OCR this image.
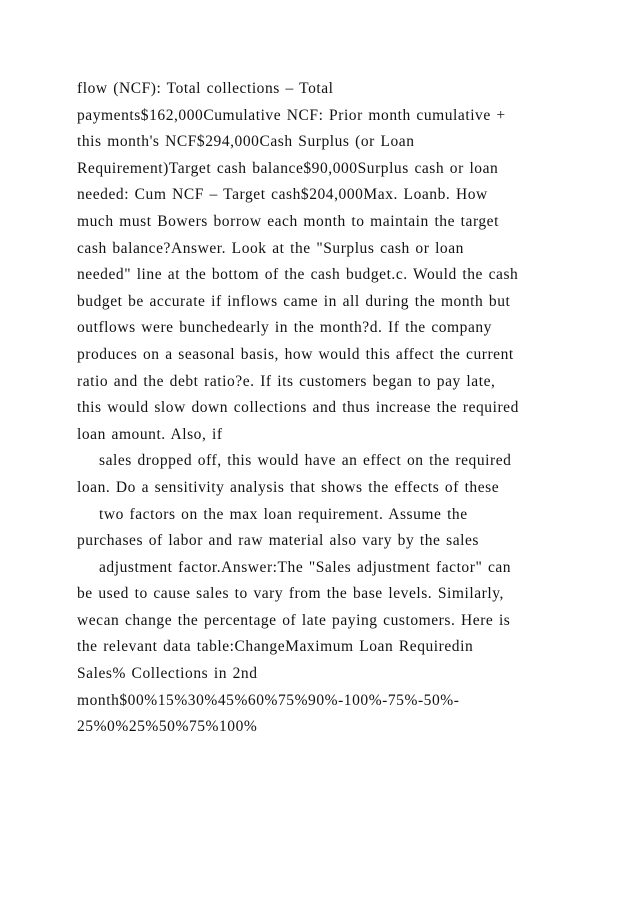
flow (NCF): Total collections – Total
payments$162,000Cumulative NCF: Prior month cumulative +
this month's NCF$294,000Cash Surplus (or Loan
Requirement)Target cash balance$90,000Surplus cash or loan
needed: Cum NCF – Target cash$204,000Max. Loanb. How
much must Bowers borrow each month to maintain the target
cash balance?Answer. Look at the "Surplus cash or loan
needed" line at the bottom of the cash budget.c. Would the cash
budget be accurate if inflows came in all during the month but
outflows were bunchedearly in the month?d. If the company
produces on a seasonal basis, how would this affect the current
ratio and the debt ratio?e. If its customers began to pay late,
this would slow down collections and thus increase the required
loan amount. Also, if
sales dropped off, this would have an effect on the required
loan. Do a sensitivity analysis that shows the effects of these
two factors on the max loan requirement. Assume the
purchases of labor and raw material also vary by the sales
adjustment factor.Answer:The "Sales adjustment factor" can
be used to cause sales to vary from the base levels. Similarly,
wecan change the percentage of late paying customers. Here is
the relevant data table:ChangeMaximum Loan Requiredin
Sales% Collections in 2nd
month$00%15%30%45%60%75%90%-100%-75%-50%-
25%0%25%50%75%100%
